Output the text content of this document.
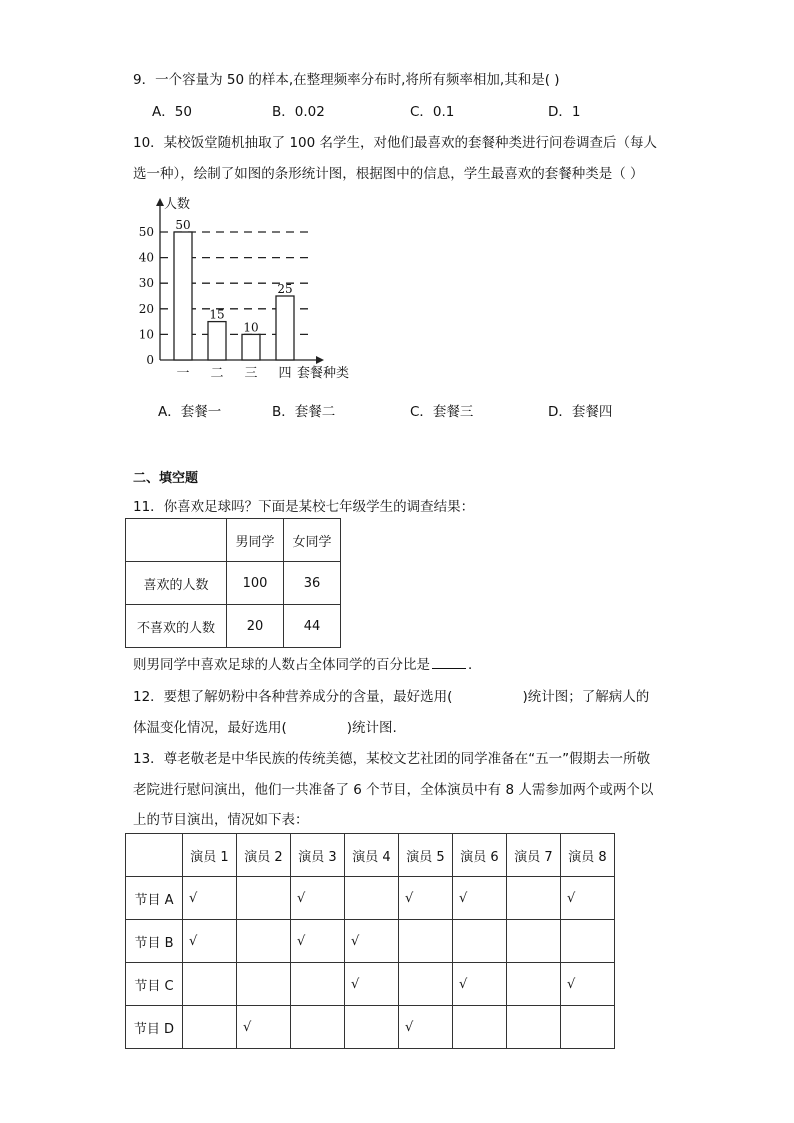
9．一个容量为 50 的样本,在整理频率分布时,将所有频率相加,其和是( )
A．50	B．0.02	C．0.1	D．1
10．某校饭堂随机抽取了 100 名学生，对他们最喜欢的套餐种类进行问卷调查后（每人
选一种），绘制了如图的条形统计图，根据图中的信息，学生最喜欢的套餐种类是（ ）
0
10
20
30
40
50
人数
50
一
15
二
10
三
25
四 套餐种类
A．套餐一	B．套餐二	C．套餐三	D．套餐四
二、填空题
11．你喜欢足球吗？下面是某校七年级学生的调查结果：
	男同学	女同学
喜欢的人数	100	36
不喜欢的人数	20	44
则男同学中喜欢足球的人数占全体同学的百分比是	．
12．要想了解奶粉中各种营养成分的含量，最好选用(	)统计图；了解病人的
体温变化情况，最好选用(	)统计图.
13．尊老敬老是中华民族的传统美德，某校文艺社团的同学准备在“五一”假期去一所敬
老院进行慰问演出，他们一共准备了 6 个节目，全体演员中有 8 人需参加两个或两个以
上的节目演出，情况如下表：
	演员 1	演员 2	演员 3	演员 4	演员 5	演员 6	演员 7	演员 8
节目 A	√		√		√	√		√
节目 B	√		√	√				
节目 C				√		√		√
节目 D		√			√			
